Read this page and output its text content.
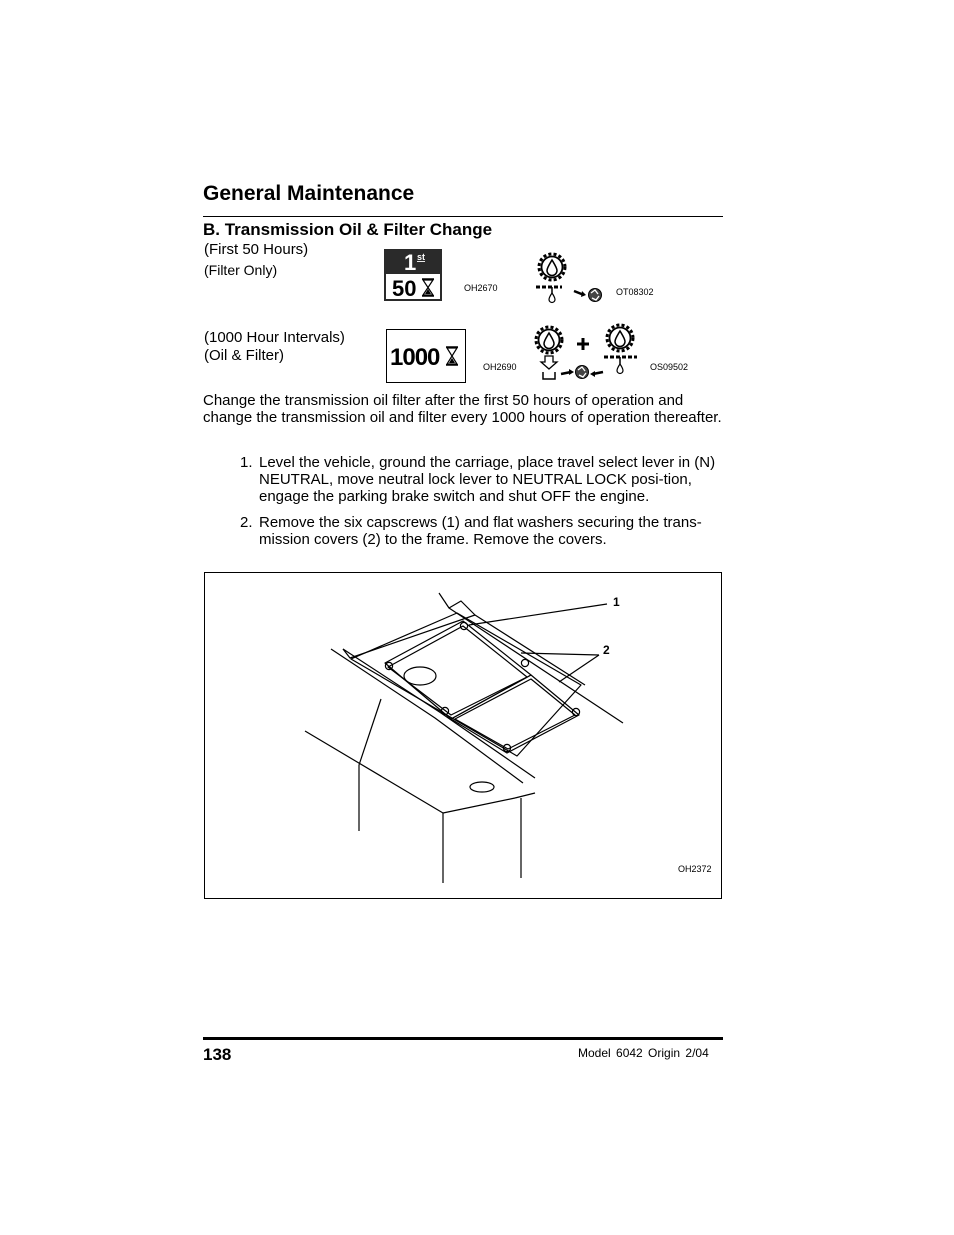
General Maintenance
B. Transmission Oil & Filter Change
(First 50 Hours)
(Filter Only)
(1000 Hour Intervals)
(Oil & Filter)
1 st
50	OH2670	OT08302
1000	OH2690	OS09502
Change the transmission oil filter after the first 50 hours of operation and change the transmission oil and filter every 1000 hours of operation thereafter.
1. Level the vehicle, ground the carriage, place travel select lever in (N) NEUTRAL, move neutral lock lever to NEUTRAL LOCK posi-tion, engage the parking brake switch and shut OFF the engine.
2. Remove the six capscrews (1) and flat washers securing the trans-mission covers (2) to the frame. Remove the covers.
1
2
OH2372
138	Model 6042 Origin 2/04
